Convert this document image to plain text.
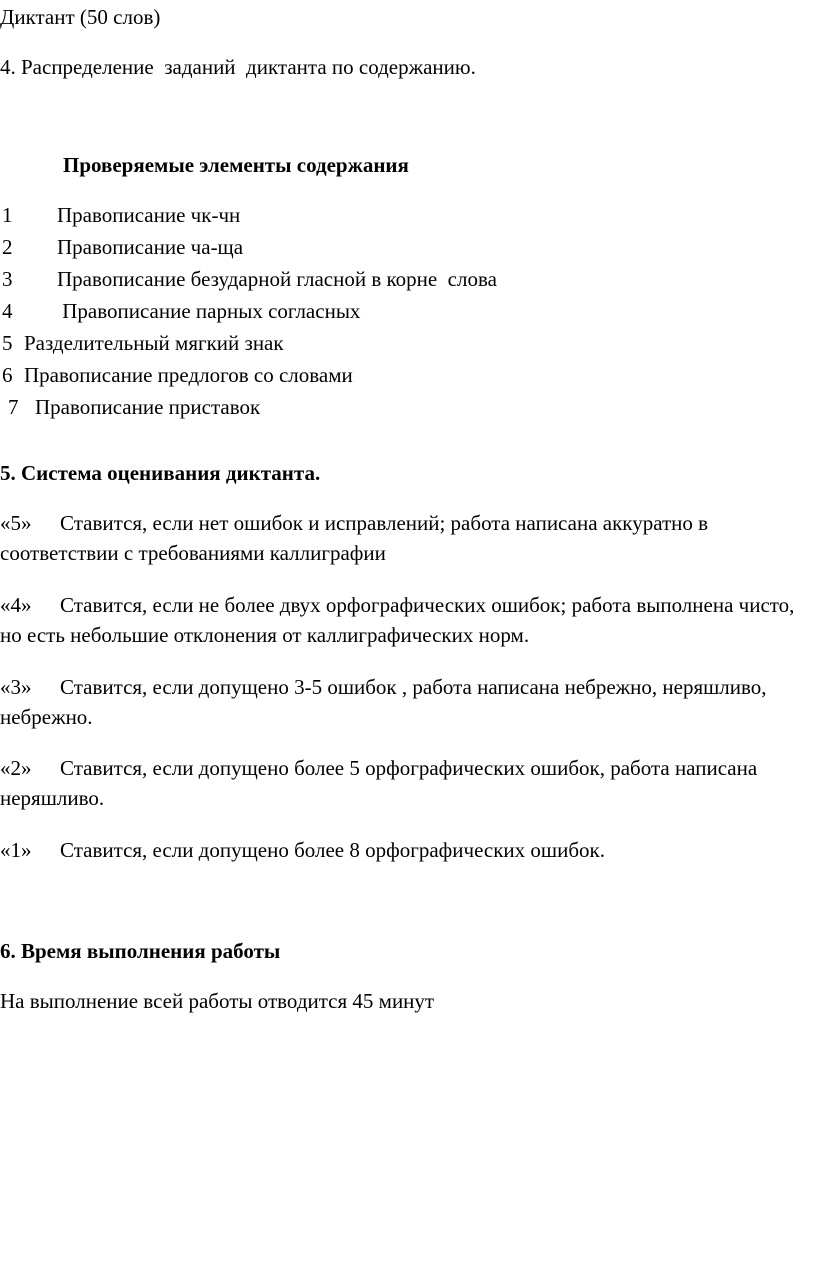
Диктант (50 слов)
4. Распределение  заданий  диктанта по содержанию.
Проверяемые элементы содержания
1 Правописание чк-чн
2 Правописание ча-ща
3 Правописание безударной гласной в корне  слова
4 Правописание парных согласных
5 Разделительный мягкий знак
6 Правописание предлогов со словами
7 Правописание приставок
5. Система оценивания диктанта.
«5» Ставится, если нет ошибок и исправлений; работа написана аккуратно в соответствии с требованиями каллиграфии
«4» Ставится, если не более двух орфографических ошибок; работа выполнена чисто, но есть небольшие отклонения от каллиграфических норм.
«3» Ставится, если допущено 3-5 ошибок , работа написана небрежно, неряшливо, небрежно.
«2» Ставится, если допущено более 5 орфографических ошибок, работа написана неряшливо.
«1» Ставится, если допущено более 8 орфографических ошибок.
6. Время выполнения работы
На выполнение всей работы отводится 45 минут
